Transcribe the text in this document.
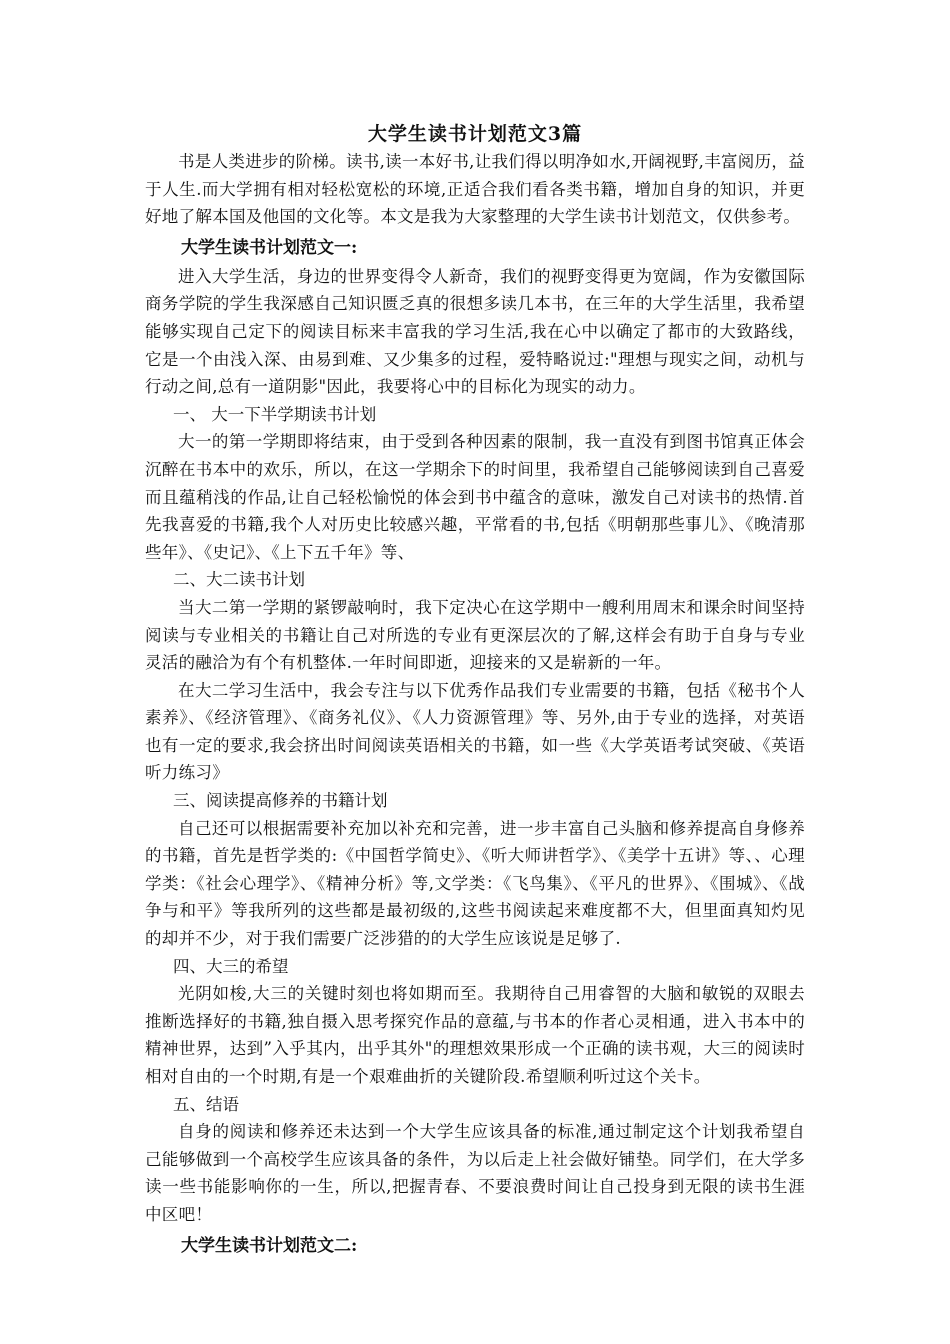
大学生读书计划范文3篇

书是人类进步的阶梯。读书,读一本好书,让我们得以明净如水,开阔视野,丰富阅历，益于人生.而大学拥有相对轻松宽松的环境,正适合我们看各类书籍，增加自身的知识，并更好地了解本国及他国的文化等。本文是我为大家整理的大学生读书计划范文，仅供参考。

大学生读书计划范文一:

进入大学生活，身边的世界变得令人新奇，我们的视野变得更为宽阔，作为安徽国际商务学院的学生我深感自己知识匮乏真的很想多读几本书，在三年的大学生活里，我希望能够实现自己定下的阅读目标来丰富我的学习生活,我在心中以确定了都市的大致路线，它是一个由浅入深、由易到难、又少集多的过程，爱特略说过:"理想与现实之间，动机与行动之间,总有一道阴影"因此，我要将心中的目标化为现实的动力。

一、 大一下半学期读书计划

大一的第一学期即将结束，由于受到各种因素的限制，我一直没有到图书馆真正体会沉醉在书本中的欢乐，所以，在这一学期余下的时间里，我希望自己能够阅读到自己喜爱而且蕴稍浅的作品,让自己轻松愉悦的体会到书中蕴含的意味，激发自己对读书的热情.首先我喜爱的书籍,我个人对历史比较感兴趣，平常看的书,包括《明朝那些事儿》、《晚清那些年》、《史记》、《上下五千年》等、

二、大二读书计划

当大二第一学期的紧锣敲响时，我下定决心在这学期中一艘利用周末和课余时间坚持阅读与专业相关的书籍让自己对所选的专业有更深层次的了解,这样会有助于自身与专业灵活的融洽为有个有机整体.一年时间即逝，迎接来的又是崭新的一年。

在大二学习生活中，我会专注与以下优秀作品我们专业需要的书籍，包括《秘书个人素养》、《经济管理》、《商务礼仪》、《人力资源管理》等、另外,由于专业的选择，对英语也有一定的要求,我会挤出时间阅读英语相关的书籍，如一些《大学英语考试突破、《英语听力练习》

三、阅读提高修养的书籍计划

自己还可以根据需要补充加以补充和完善，进一步丰富自己头脑和修养提高自身修养的书籍，首先是哲学类的:《中国哲学简史》、《听大师讲哲学》、《美学十五讲》等、、心理学类：《社会心理学》、《精神分析》等,文学类：《飞鸟集》、《平凡的世界》、《围城》、《战争与和平》等我所列的这些都是最初级的,这些书阅读起来难度都不大，但里面真知灼见的却并不少，对于我们需要广泛涉猎的的大学生应该说是足够了.

四、大三的希望

光阴如梭,大三的关键时刻也将如期而至。我期待自己用睿智的大脑和敏锐的双眼去推断选择好的书籍,独自摄入思考探究作品的意蕴,与书本的作者心灵相通，进入书本中的精神世界，达到”入乎其内，出乎其外"的理想效果形成一个正确的读书观，大三的阅读时相对自由的一个时期,有是一个艰难曲折的关键阶段.希望顺利听过这个关卡。

五、结语

自身的阅读和修养还未达到一个大学生应该具备的标准,通过制定这个计划我希望自己能够做到一个高校学生应该具备的条件，为以后走上社会做好铺垫。同学们，在大学多读一些书能影响你的一生，所以,把握青春、不要浪费时间让自己投身到无限的读书生涯中区吧！

大学生读书计划范文二:
